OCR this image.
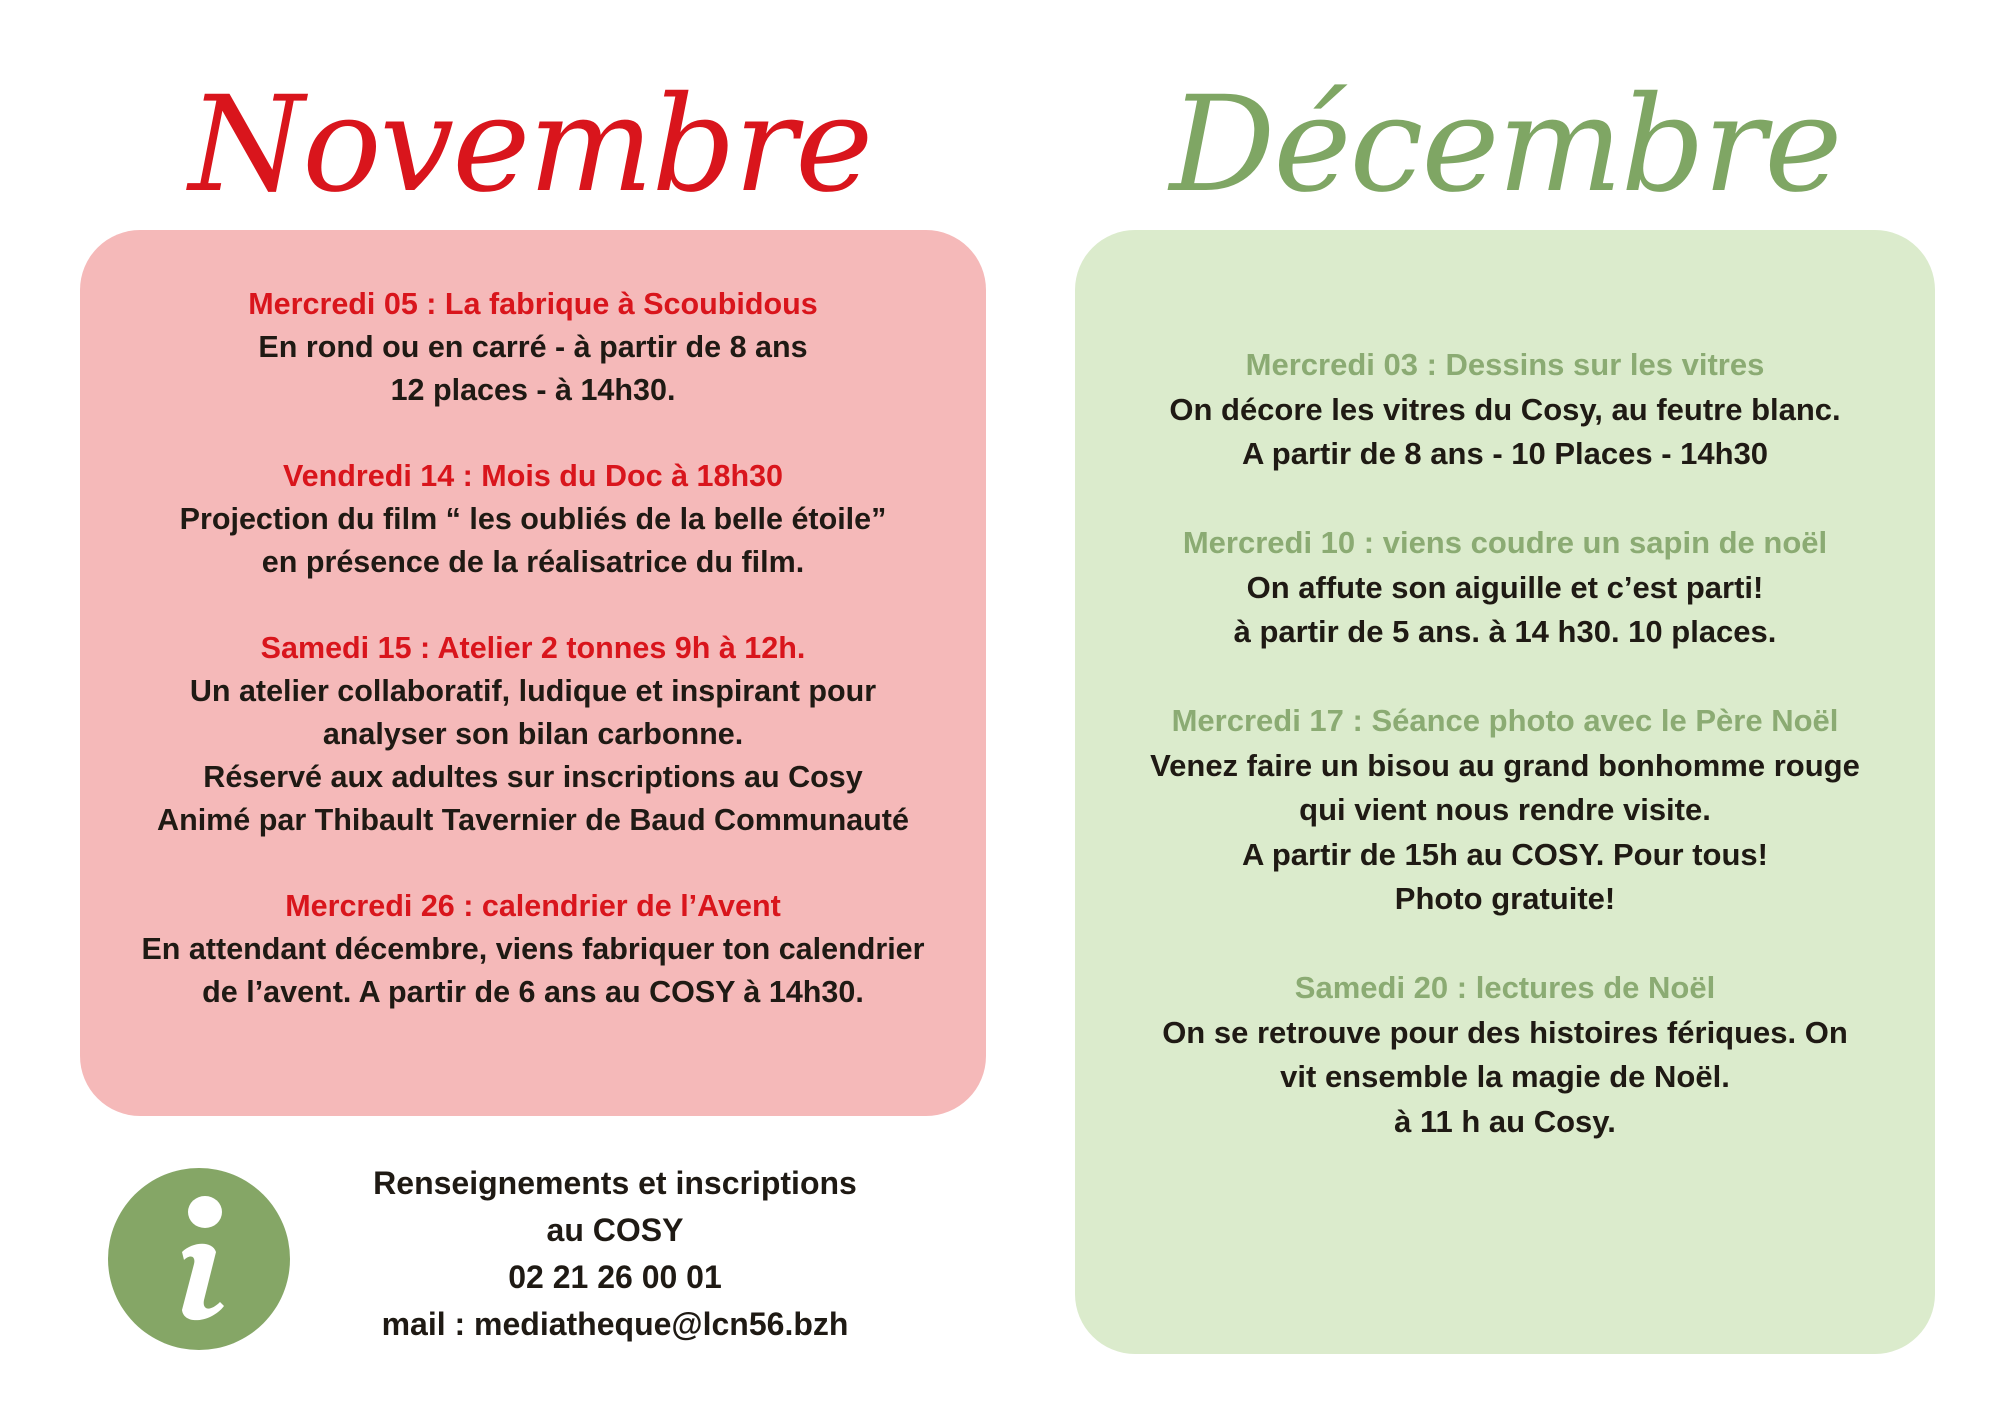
Novembre	Décembre
Mercredi 05 : La fabrique à Scoubidous
En rond ou en carré - à partir de 8 ans
12 places - à 14h30.
Vendredi 14 : Mois du Doc à 18h30
Projection du film “ les oubliés de la belle étoile”
en présence de la réalisatrice du film.
Samedi 15 : Atelier 2 tonnes 9h à 12h.
Un atelier collaboratif, ludique et inspirant pour
analyser son bilan carbonne.
Réservé aux adultes sur inscriptions au Cosy
Animé par Thibault Tavernier de Baud Communauté
Mercredi 26 : calendrier de l’Avent
En attendant décembre, viens fabriquer ton calendrier
de l’avent. A partir de 6 ans au COSY à 14h30.
Mercredi 03 : Dessins sur les vitres
On décore les vitres du Cosy, au feutre blanc.
A partir de 8 ans - 10 Places - 14h30
Mercredi 10 : viens coudre un sapin de noël
On affute son aiguille et c’est parti!
à partir de 5 ans. à 14 h30. 10 places.
Mercredi 17 : Séance photo avec le Père Noël
Venez faire un bisou au grand bonhomme rouge
qui vient nous rendre visite.
A partir de 15h au COSY. Pour tous!
Photo gratuite!
Samedi 20 : lectures de Noël
On se retrouve pour des histoires fériques. On
vit ensemble la magie de Noël.
à 11 h au Cosy.
Renseignements et inscriptions
au COSY
02 21 26 00 01
mail : mediatheque@lcn56.bzh
